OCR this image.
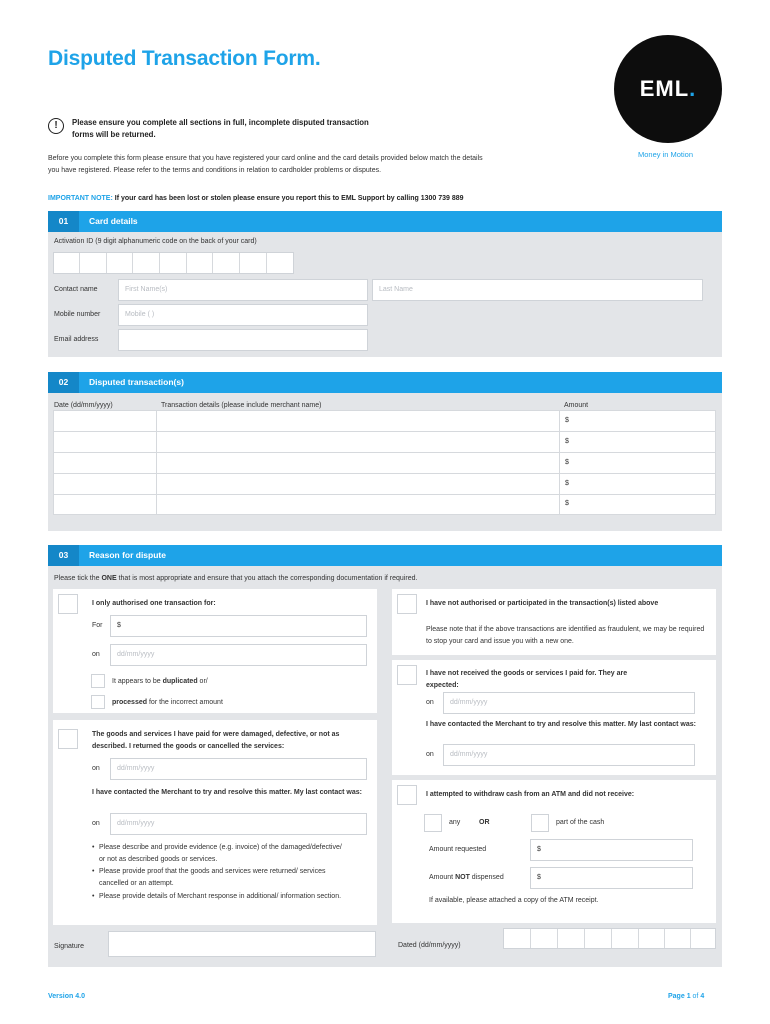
Disputed Transaction Form.
EML.
Money in Motion
!	Please ensure you complete all sections in full, incomplete disputed transaction forms will be returned.
Before you complete this form please ensure that you have registered your card online and the card details provided below match the details you have registered. Please refer to the terms and conditions in relation to cardholder problems or disputes.
IMPORTANT NOTE: If your card has been lost or stolen please ensure you report this to EML Support by calling 1300 739 889
01	Card details
Activation ID (9 digit alphanumeric code on the back of your card)
Contact name	First Name(s)	Last Name
Mobile number	Mobile ( )
Email address
02	Disputed transaction(s)
Date (dd/mm/yyyy)	Transaction details (please include merchant name)	Amount
$
$
$
$
$
03	Reason for dispute
Please tick the ONE that is most appropriate and ensure that you attach the corresponding documentation if required.
I only authorised one transaction for:
For	$
on	dd/mm/yyyy
It appears to be duplicated or/
processed for the incorrect amount
The goods and services I have paid for were damaged, defective, or not as described. I returned the goods or cancelled the services:
on	dd/mm/yyyy
I have contacted the Merchant to try and resolve this matter. My last contact was:
on	dd/mm/yyyy
• Please describe and provide evidence (e.g. invoice) of the damaged/defective/ or not as described goods or services.
• Please provide proof that the goods and services were returned/ services cancelled or an attempt.
• Please provide details of Merchant response in additional/ information section.
I have not authorised or participated in the transaction(s) listed above
Please note that if the above transactions are identified as fraudulent, we may be required to stop your card and issue you with a new one.
I have not received the goods or services I paid for. They are expected:
on	dd/mm/yyyy
I have contacted the Merchant to try and resolve this matter. My last contact was:
on	dd/mm/yyyy
I attempted to withdraw cash from an ATM and did not receive:
any	OR	part of the cash
Amount requested	$
Amount NOT dispensed	$
If available, please attached a copy of the ATM receipt.
Signature	Dated (dd/mm/yyyy)
Version 4.0	Page 1 of 4
